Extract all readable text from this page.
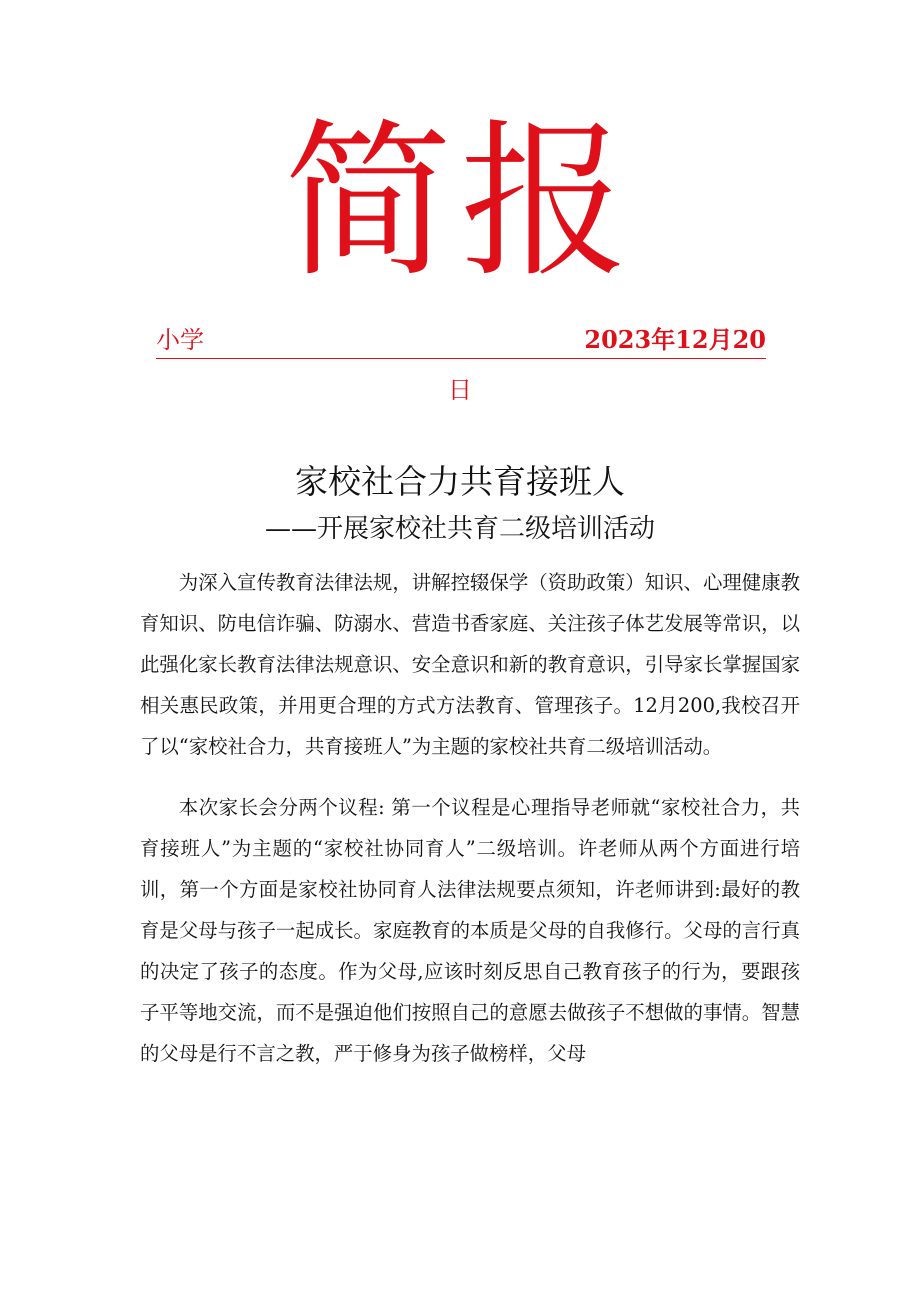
简报
小学	2023年12月20
日
家校社合力共育接班人
——开展家校社共育二级培训活动

为深入宣传教育法律法规，讲解控辍保学（资助政策）知识、心理健康教育知识、防电信诈骗、防溺水、营造书香家庭、关注孩子体艺发展等常识，以此强化家长教育法律法规意识、安全意识和新的教育意识，引导家长掌握国家相关惠民政策，并用更合理的方式方法教育、管理孩子。12月200,我校召开了以“家校社合力，共育接班人”为主题的家校社共育二级培训活动。

本次家长会分两个议程: 第一个议程是心理指导老师就“家校社合力，共育接班人”为主题的“家校社协同育人”二级培训。许老师从两个方面进行培训，第一个方面是家校社协同育人法律法规要点须知，许老师讲到:最好的教育是父母与孩子一起成长。家庭教育的本质是父母的自我修行。父母的言行真的决定了孩子的态度。作为父母,应该时刻反思自己教育孩子的行为，要跟孩子平等地交流，而不是强迫他们按照自己的意愿去做孩子不想做的事情。智慧的父母是行不言之教，严于修身为孩子做榜样，父母
